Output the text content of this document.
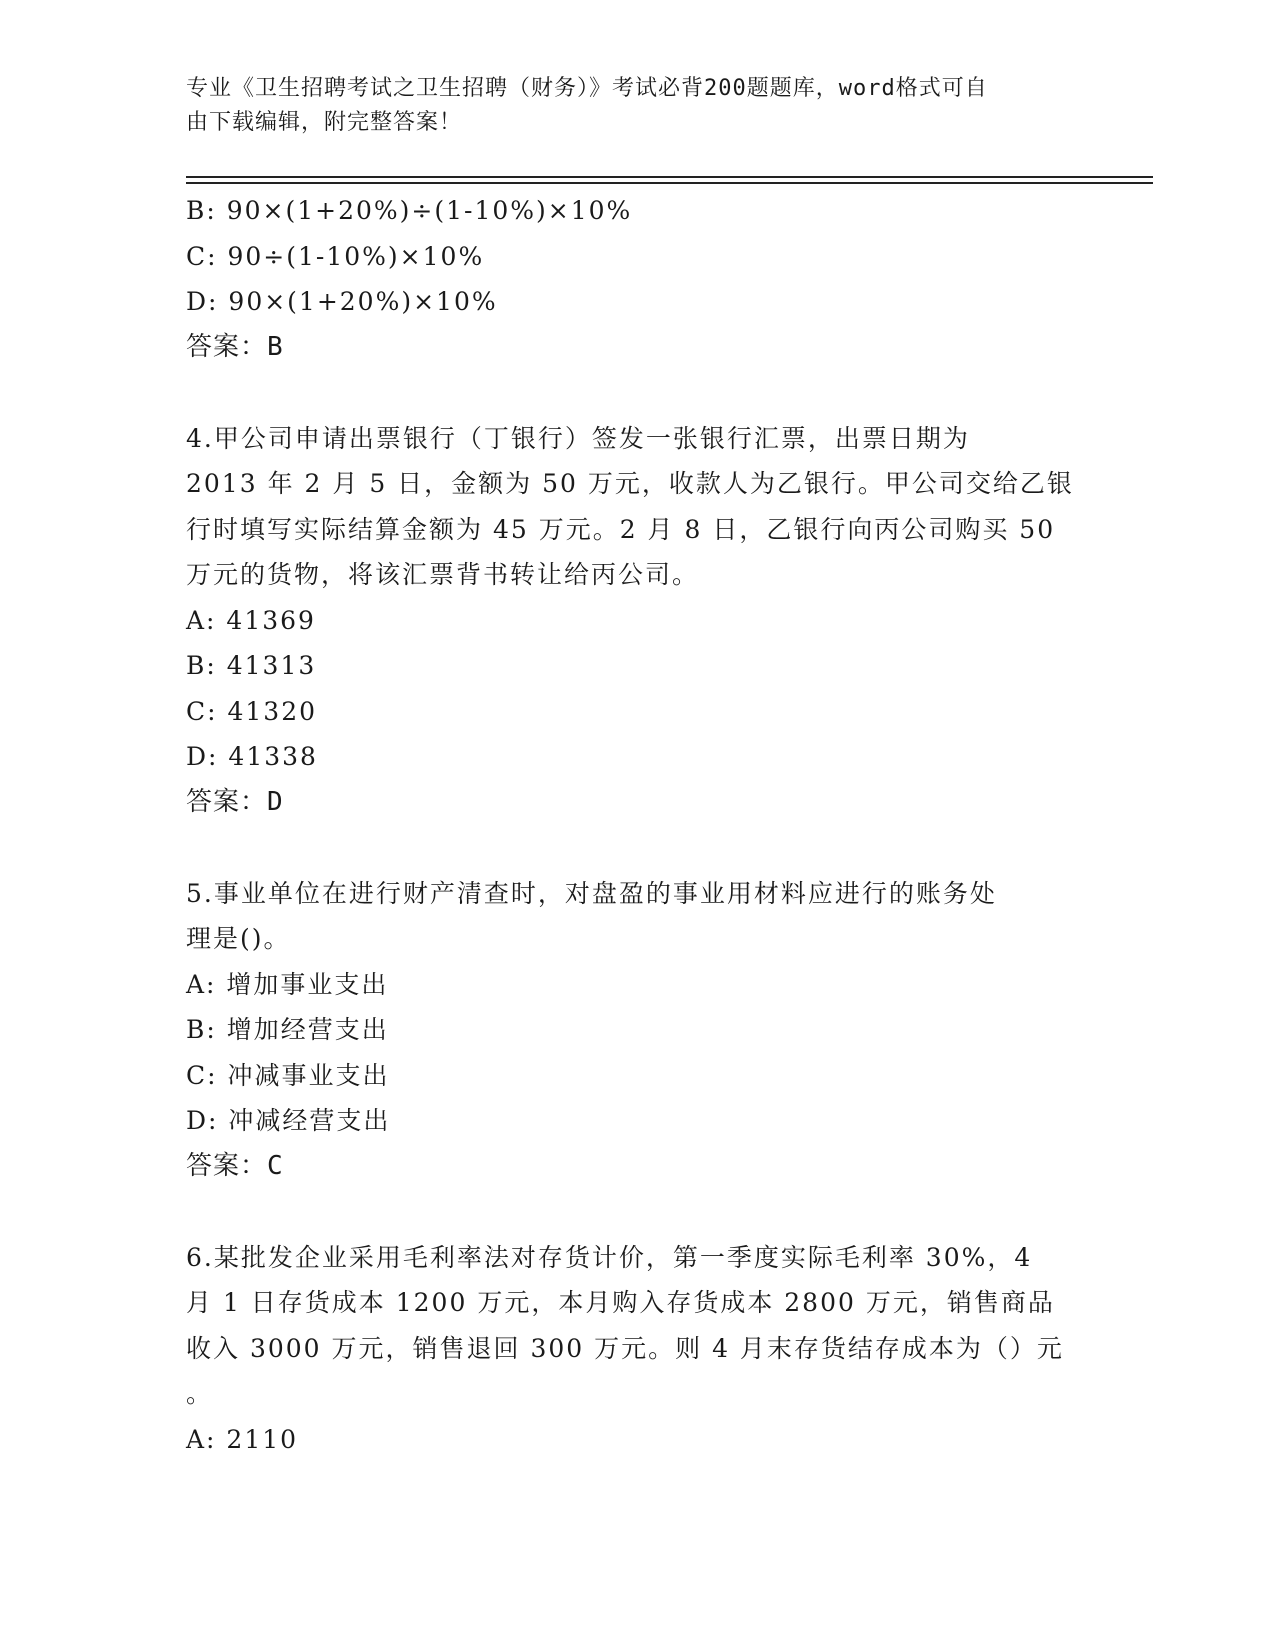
专业《卫生招聘考试之卫生招聘（财务）》考试必背200题题库，word格式可自
由下载编辑，附完整答案！
B: 90×(1+20%)÷(1-10%)×10%
C: 90÷(1-10%)×10%
D: 90×(1+20%)×10%
答案：B
4.甲公司申请出票银行（丁银行）签发一张银行汇票，出票日期为
2013 年 2 月 5 日，金额为 50 万元，收款人为乙银行。甲公司交给乙银
行时填写实际结算金额为 45 万元。2 月 8 日，乙银行向丙公司购买 50
万元的货物，将该汇票背书转让给丙公司。
A: 41369
B: 41313
C: 41320
D: 41338
答案：D
5.事业单位在进行财产清查时，对盘盈的事业用材料应进行的账务处
理是()。
A: 增加事业支出
B: 增加经营支出
C: 冲减事业支出
D: 冲减经营支出
答案：C
6.某批发企业采用毛利率法对存货计价，第一季度实际毛利率 30%，4
月 1 日存货成本 1200 万元，本月购入存货成本 2800 万元，销售商品
收入 3000 万元，销售退回 300 万元。则 4 月末存货结存成本为（）元
。
A: 2110
